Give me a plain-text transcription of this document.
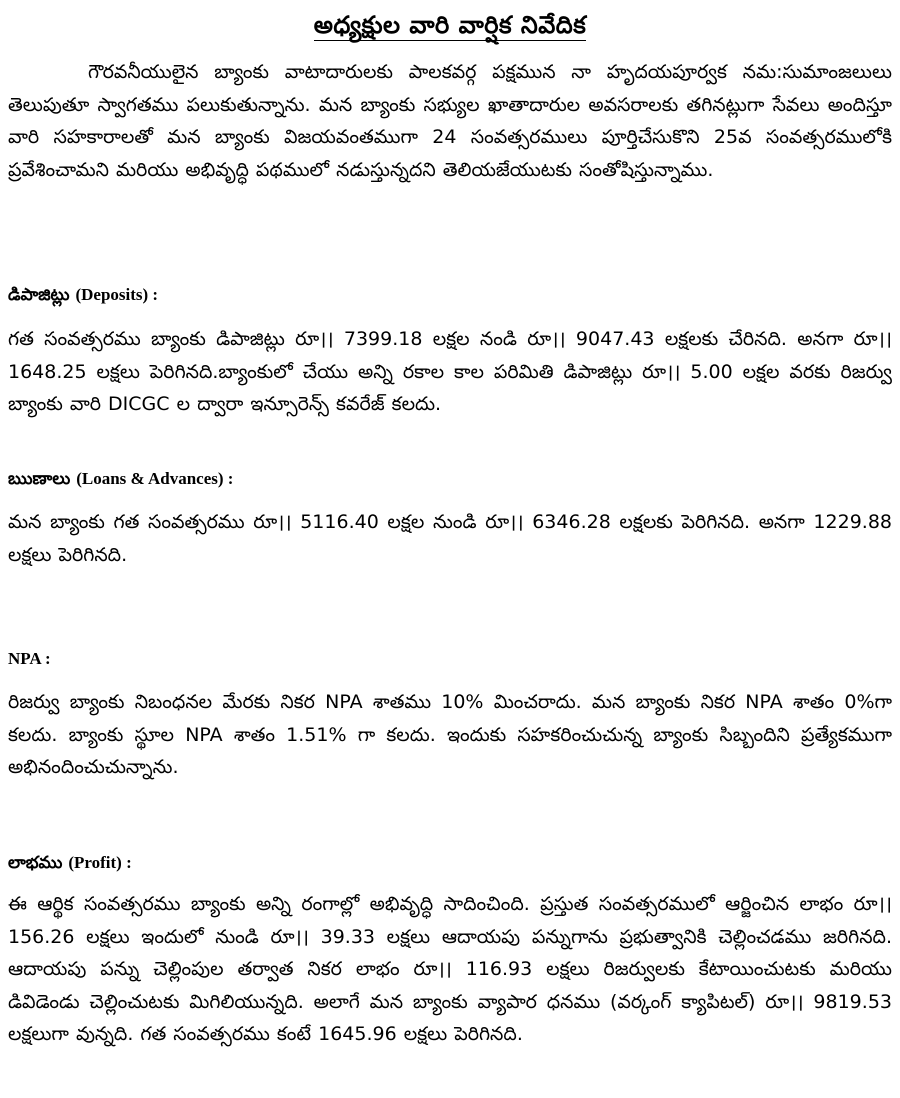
అధ్యక్షుల వారి వార్షిక నివేదిక

గౌరవనీయులైన బ్యాంకు వాటాదారులకు పాలకవర్గ పక్షమున నా హృదయపూర్వక నమ:సుమాంజలులు తెలుపుతూ స్వాగతము పలుకుతున్నాను. మన బ్యాంకు సభ్యుల ఖాతాదారుల అవసరాలకు తగినట్లుగా సేవలు అందిస్తూ వారి సహకారాలతో మన బ్యాంకు విజయవంతముగా 24 సంవత్సరములు పూర్తిచేసుకొని 25వ సంవత్సరములోకి ప్రవేశించామని మరియు అభివృద్ధి పథములో నడుస్తున్నదని తెలియజేయుటకు సంతోషిస్తున్నాము.

డిపాజిట్లు (Deposits) :

గత సంవత్సరము బ్యాంకు డిపాజిట్లు రూ।। 7399.18 లక్షల నండి రూ।। 9047.43 లక్షలకు చేరినది. అనగా రూ।। 1648.25 లక్షలు పెరిగినది.బ్యాంకులో చేయు అన్ని రకాల కాల పరిమితి డిపాజిట్లు రూ।। 5.00 లక్షల వరకు రిజర్వు బ్యాంకు వారి DICGC ల ద్వారా ఇన్సూరెన్స్ కవరేజ్ కలదు.

ఋణాలు (Loans & Advances) :

మన బ్యాంకు గత సంవత్సరము రూ।। 5116.40 లక్షల నుండి రూ।। 6346.28 లక్షలకు పెరిగినది. అనగా 1229.88 లక్షలు పెరిగినది.

NPA :

రిజర్వు బ్యాంకు నిబంధనల మేరకు నికర NPA శాతము 10% మించరాదు. మన బ్యాంకు నికర NPA శాతం 0%గా కలదు. బ్యాంకు స్థూల NPA శాతం 1.51% గా కలదు. ఇందుకు సహకరించుచున్న బ్యాంకు సిబ్బందిని ప్రత్యేకముగా అభినందించుచున్నాను.

లాభము (Profit) :

ఈ ఆర్థిక సంవత్సరము బ్యాంకు అన్ని రంగాల్లో అభివృద్ధి సాదించింది. ప్రస్తుత సంవత్సరములో ఆర్జించిన లాభం రూ।।156.26 లక్షలు ఇందులో నుండి రూ।। 39.33 లక్షలు ఆదాయపు పన్నుగాను ప్రభుత్వానికి చెల్లించడము జరిగినది. ఆదాయపు పన్ను చెల్లింపుల తర్వాత నికర లాభం రూ।। 116.93 లక్షలు రిజర్వులకు కేటాయించుటకు మరియు డివిడెండు చెల్లించుటకు మిగిలియున్నది. అలాగే మన బ్యాంకు వ్యాపార ధనము (వర్కంగ్ క్యాపిటల్) రూ।। 9819.53 లక్షలుగా వున్నది. గత సంవత్సరము కంటే 1645.96 లక్షలు పెరిగినది.
